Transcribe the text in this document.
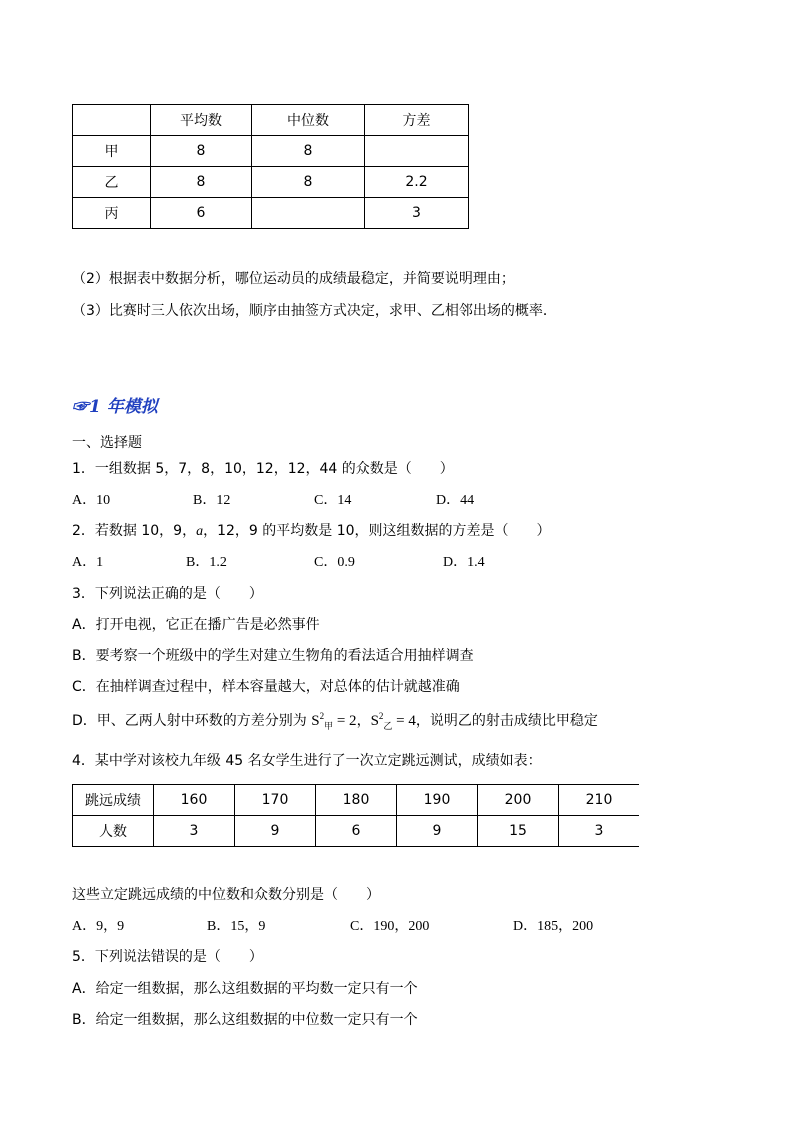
	平均数	中位数	方差
甲	8	8	
乙	8	8	2.2
丙	6		3
（2）根据表中数据分析，哪位运动员的成绩最稳定，并简要说明理由；
（3）比赛时三人依次出场，顺序由抽签方式决定，求甲、乙相邻出场的概率．
☞1 年模拟
一、选择题
1．一组数据 5，7，8，10，12，12，44 的众数是（　　）
A．10	B．12	C．14	D．44
2．若数据 10，9，a，12，9 的平均数是 10，则这组数据的方差是（　　）
A．1	B．1.2	C．0.9	D．1.4
3．下列说法正确的是（　　）
A．打开电视，它正在播广告是必然事件
B．要考察一个班级中的学生对建立生物角的看法适合用抽样调查
C．在抽样调查过程中，样本容量越大，对总体的估计就越准确
D．甲、乙两人射中环数的方差分别为 $S^2_甲 = 2$，$S^2_乙 = 4$，说明乙的射击成绩比甲稳定
4．某中学对该校九年级 45 名女学生进行了一次立定跳远测试，成绩如表：
跳远成绩	160	170	180	190	200	210
人数	3	9	6	9	15	3
这些立定跳远成绩的中位数和众数分别是（　　）
A．9，9	B．15，9	C．190，200	D．185，200
5．下列说法错误的是（　　）
A．给定一组数据，那么这组数据的平均数一定只有一个
B．给定一组数据，那么这组数据的中位数一定只有一个
